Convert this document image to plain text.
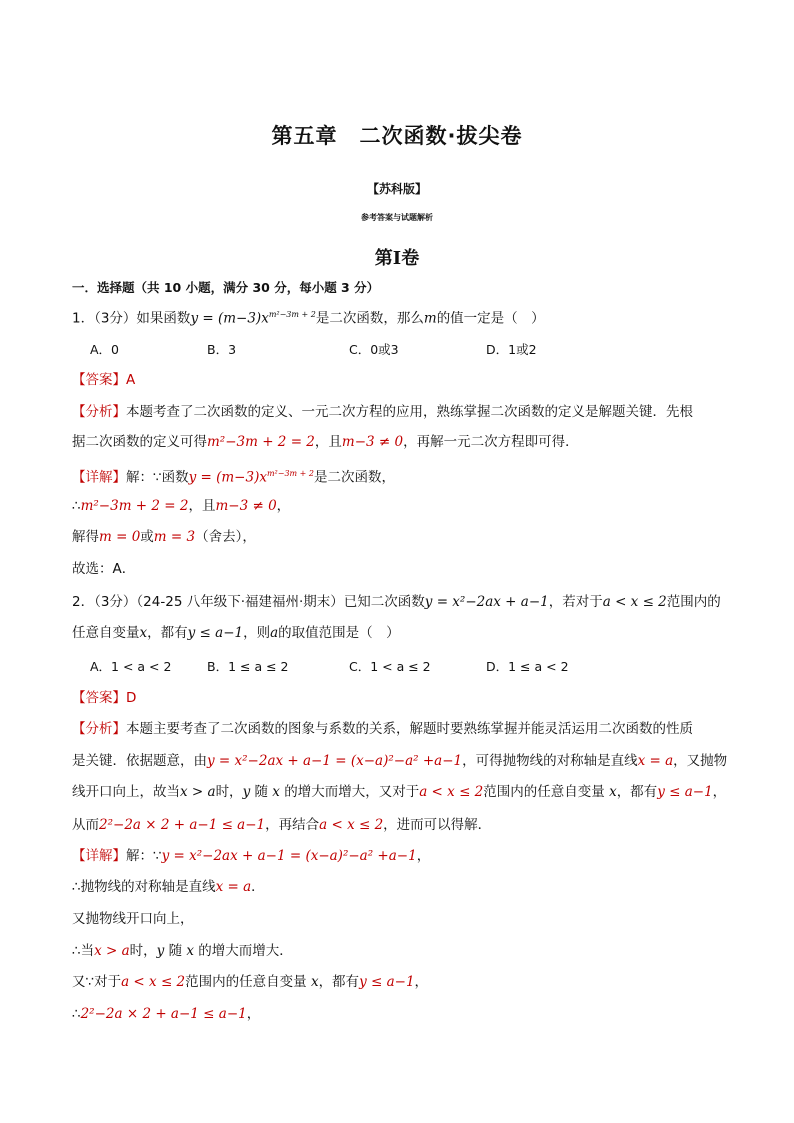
第五章　二次函数·拔尖卷
【苏科版】
参考答案与试题解析
第Ⅰ卷
一．选择题（共 10 小题，满分 30 分，每小题 3 分）
1．（3分）如果函数$y = (m-3)x^{m^2-3m + 2}$是二次函数，那么m的值一定是（　）
A．0	B．3	C．0或3	D．1或2
【答案】A
【分析】本题考查了二次函数的定义、一元二次方程的应用，熟练掌握二次函数的定义是解题关键．先根
据二次函数的定义可得m²−3m + 2 = 2，且m−3 ≠ 0，再解一元二次方程即可得．
【详解】解：∵函数$y = (m-3)x^{m^2-3m + 2}$是二次函数，
∴m²−3m + 2 = 2，且m−3 ≠ 0，
解得m = 0或m = 3（舍去），
故选：A．
2．（3分）（24-25 八年级下·福建福州·期末）已知二次函数y = x²−2ax + a−1，若对于a < x ≤ 2范围内的
任意自变量x，都有y ≤ a−1，则a的取值范围是（　）
A．1 < a < 2	B．1 ≤ a ≤ 2	C．1 < a ≤ 2	D．1 ≤ a < 2
【答案】D
【分析】本题主要考查了二次函数的图象与系数的关系，解题时要熟练掌握并能灵活运用二次函数的性质
是关键．依据题意，由y = x²−2ax + a−1 = (x−a)²−a² +a−1，可得抛物线的对称轴是直线x = a，又抛物
线开口向上，故当x > a时，y 随 x 的增大而增大，又对于a < x ≤ 2范围内的任意自变量 x，都有y ≤ a−1，
从而2²−2a × 2 + a−1 ≤ a−1，再结合a < x ≤ 2，进而可以得解．
【详解】解：∵y = x²−2ax + a−1 = (x−a)²−a² +a−1，
∴抛物线的对称轴是直线x = a．
又抛物线开口向上，
∴当x > a时，y 随 x 的增大而增大．
又∵对于a < x ≤ 2范围内的任意自变量 x，都有y ≤ a−1，
∴2²−2a × 2 + a−1 ≤ a−1，
